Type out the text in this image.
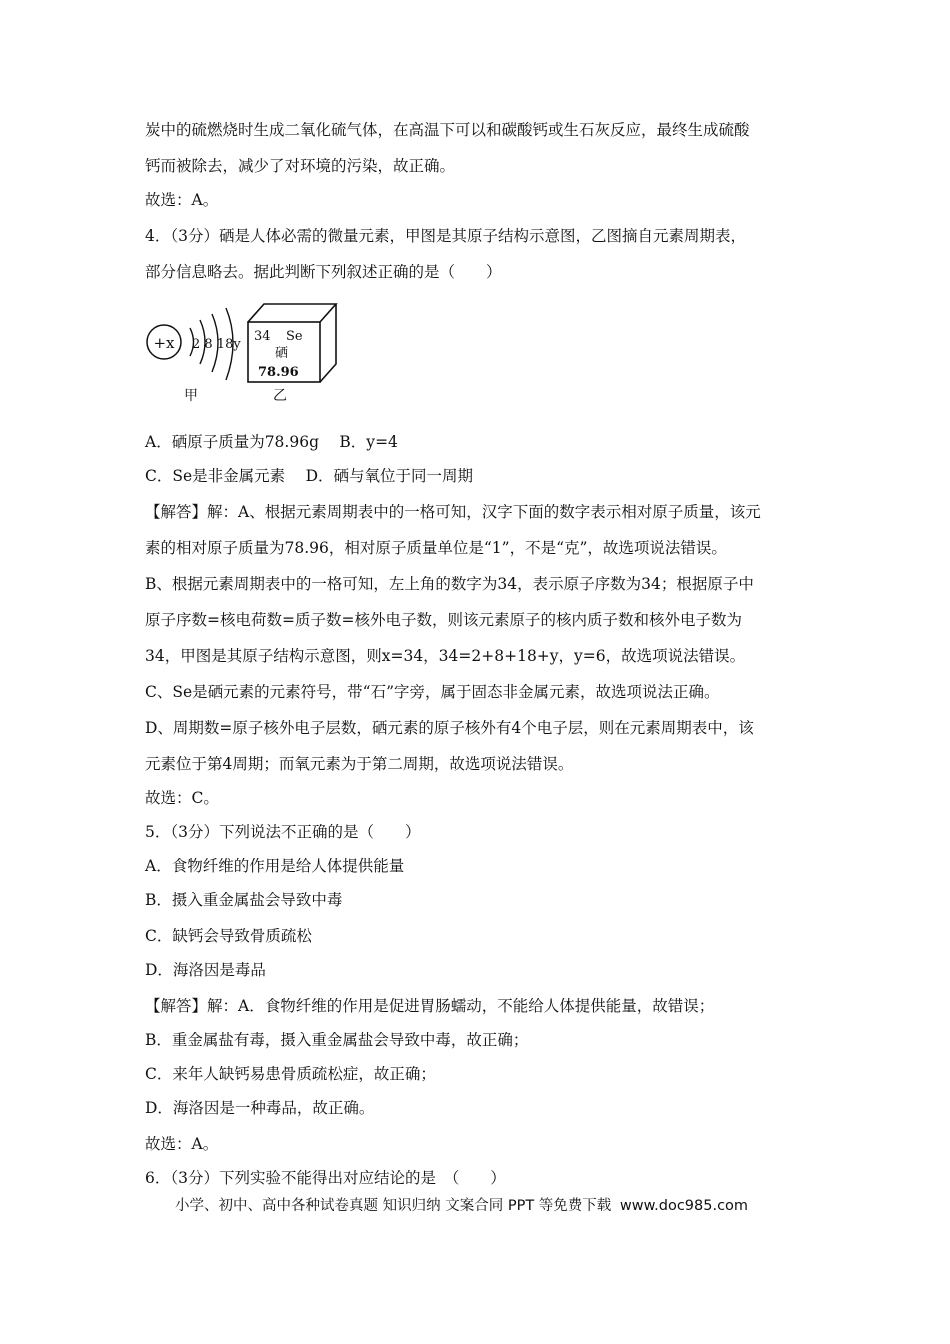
炭中的硫燃烧时生成二氧化硫气体，在高温下可以和碳酸钙或生石灰反应，最终生成硫酸
钙而被除去，减少了对环境的污染，故正确。
故选：A。
4．（3分）硒是人体必需的微量元素，甲图是其原子结构示意图，乙图摘自元素周期表，
部分信息略去。据此判断下列叙述正确的是（　　）
+x 2 8 18y
甲
34 Se
硒
78.96
乙
A．硒原子质量为78.96g　 B．y=4
C．Se是非金属元素　 D．硒与氧位于同一周期
【解答】解：A、根据元素周期表中的一格可知，汉字下面的数字表示相对原子质量，该元
素的相对原子质量为78.96，相对原子质量单位是“1”，不是“克”，故选项说法错误。
B、根据元素周期表中的一格可知，左上角的数字为34，表示原子序数为34；根据原子中
原子序数=核电荷数=质子数=核外电子数，则该元素原子的核内质子数和核外电子数为
34，甲图是其原子结构示意图，则x=34，34=2+8+18+y，y=6，故选项说法错误。
C、Se是硒元素的元素符号，带“石”字旁，属于固态非金属元素，故选项说法正确。
D、周期数=原子核外电子层数，硒元素的原子核外有4个电子层，则在元素周期表中，该
元素位于第4周期；而氧元素为于第二周期，故选项说法错误。
故选：C。
5．（3分）下列说法不正确的是（　　）
A．食物纤维的作用是给人体提供能量
B．摄入重金属盐会导致中毒
C．缺钙会导致骨质疏松
D．海洛因是毒品
【解答】解：A．食物纤维的作用是促进胃肠蠕动，不能给人体提供能量，故错误；
B．重金属盐有毒，摄入重金属盐会导致中毒，故正确；
C．来年人缺钙易患骨质疏松症，故正确；
D．海洛因是一种毒品，故正确。
故选：A。
6．（3分）下列实验不能得出对应结论的是　（　　）
小学、初中、高中各种试卷真题 知识归纳 文案合同 PPT 等免费下载 www.doc985.com
